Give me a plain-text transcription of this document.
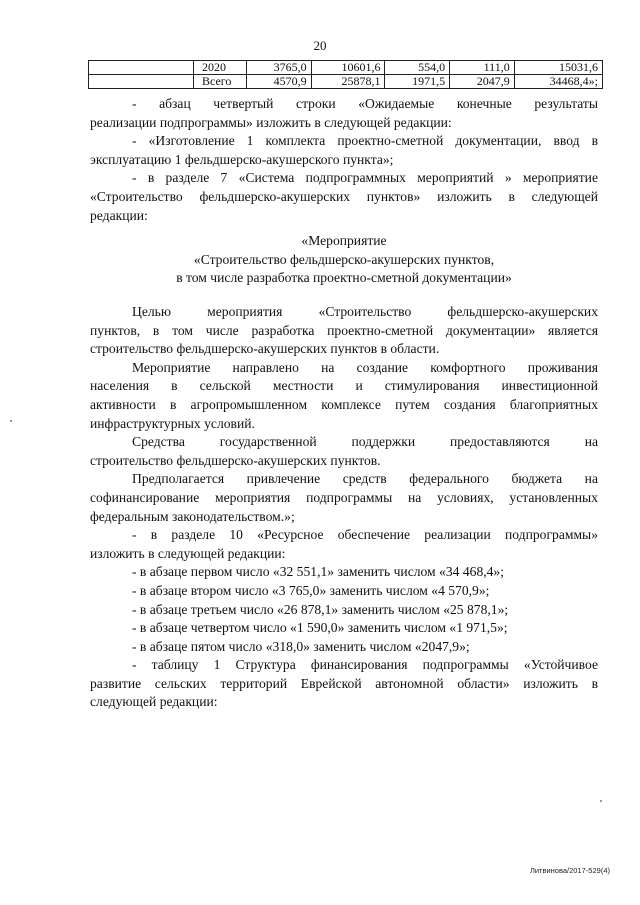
20
	2020	3765,0	10601,6	554,0	111,0	15031,6
	Всего	4570,9	25878,1	1971,5	2047,9	34468,4»;
- абзац четвертый строки «Ожидаемые конечные результаты
реализации подпрограммы» изложить в следующей редакции:
- «Изготовление 1 комплекта проектно-сметной документации, ввод в
эксплуатацию 1 фельдшерско-акушерского пункта»;
- в разделе 7 «Система подпрограммных мероприятий » мероприятие
«Строительство фельдшерско-акушерских пунктов» изложить в следующей
редакции:
«Мероприятие
«Строительство фельдшерско-акушерских пунктов,
в том числе разработка проектно-сметной документации»
Целью мероприятия «Строительство фельдшерско-акушерских
пунктов, в том числе разработка проектно-сметной документации» является
строительство фельдшерско-акушерских пунктов в области.
Мероприятие направлено на создание комфортного проживания
населения в сельской местности и стимулирования инвестиционной
активности в агропромышленном комплексе путем создания благоприятных
инфраструктурных условий.
Средства государственной поддержки предоставляются на
строительство фельдшерско-акушерских пунктов.
Предполагается привлечение средств федерального бюджета на
софинансирование мероприятия подпрограммы на условиях, установленных
федеральным законодательством.»;
- в разделе 10 «Ресурсное обеспечение реализации подпрограммы»
изложить в следующей редакции:
- в абзаце первом число «32 551,1» заменить числом «34 468,4»;
- в абзаце втором число «3 765,0» заменить числом «4 570,9»;
- в абзаце третьем число «26 878,1» заменить числом «25 878,1»;
- в абзаце четвертом число «1 590,0» заменить числом «1 971,5»;
- в абзаце пятом число «318,0» заменить числом «2047,9»;
- таблицу 1 Структура финансирования подпрограммы «Устойчивое
развитие сельских территорий Еврейской автономной области» изложить в
следующей редакции:
Литвинова/2017-529(4)
